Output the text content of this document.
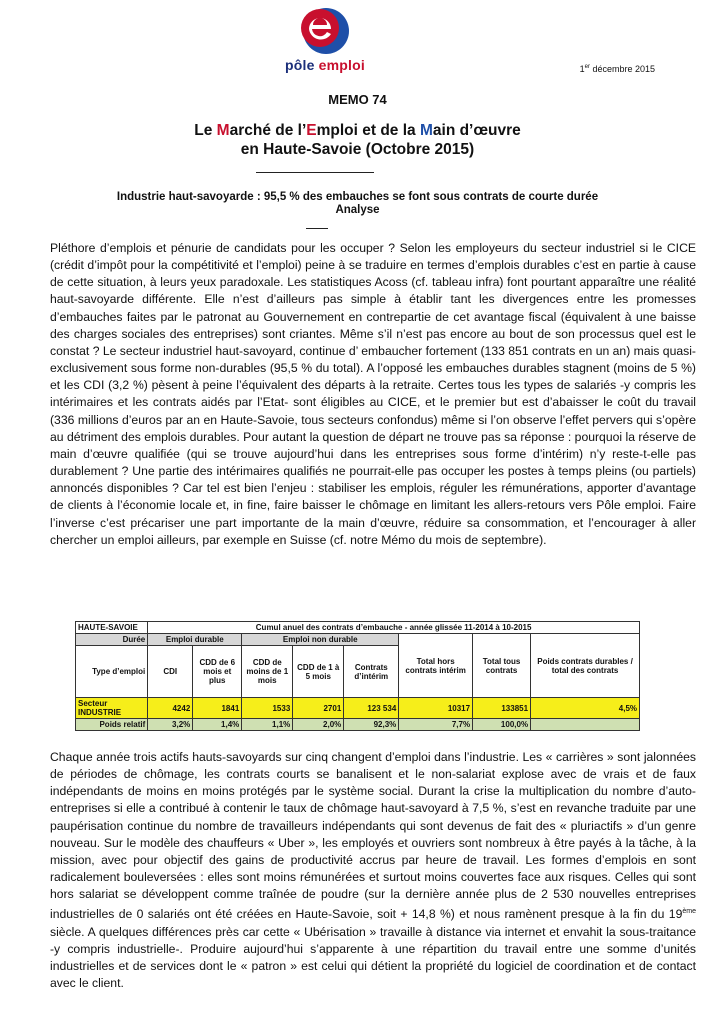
pôle emploi	1er décembre 2015
MEMO 74
Le Marché de l’Emploi et de la Main d’œuvre
en Haute-Savoie (Octobre 2015)
Industrie haut-savoyarde : 95,5 % des embauches se font sous contrats de courte durée
Analyse

Pléthore d’emplois et pénurie de candidats pour les occuper ? Selon les employeurs du secteur industriel si le CICE (crédit d’impôt pour la compétitivité et l’emploi) peine à se traduire en termes d’emplois durables c’est en partie à cause de cette situation, à leurs yeux paradoxale. Les statistiques Acoss (cf. tableau infra) font pourtant apparaître une réalité haut-savoyarde différente. Elle n’est d’ailleurs pas simple à établir tant les divergences entre les promesses d’embauches faites par le patronat au Gouvernement en contrepartie de cet avantage fiscal (équivalent à une baisse des charges sociales des entreprises) sont criantes. Même s’il n’est pas encore au bout de son processus quel est le constat ? Le secteur industriel haut-savoyard, continue d’ embaucher fortement (133 851 contrats en un an) mais quasi-exclusivement sous forme non-durables (95,5 % du total). A l’opposé les embauches durables stagnent (moins de 5 %) et les CDI (3,2 %) pèsent à peine l’équivalent des départs à la retraite. Certes tous les types de salariés -y compris les intérimaires et les contrats aidés par l’Etat- sont éligibles au CICE, et le premier but est d’abaisser le coût du travail (336 millions d’euros par an en Haute-Savoie, tous secteurs confondus) même si l’on observe l’effet pervers qui s’opère au détriment des emplois durables. Pour autant la question de départ ne trouve pas sa réponse : pourquoi la réserve de main d’œuvre qualifiée (qui se trouve aujourd’hui dans les entreprises sous forme d’intérim) n’y reste-t-elle pas durablement ? Une partie des intérimaires qualifiés ne pourrait-elle pas occuper les postes à temps pleins (ou partiels) annoncés disponibles ? Car tel est bien l’enjeu : stabiliser les emplois, réguler les rémunérations, apporter d’avantage de clients à l’économie locale et, in fine, faire baisser le chômage en limitant les allers-retours vers Pôle emploi. Faire l’inverse c’est précariser une part importante de la main d’œuvre, réduire sa consommation, et l’encourager à aller chercher un emploi ailleurs, par exemple en Suisse (cf. notre Mémo du mois de septembre).

HAUTE-SAVOIE	Cumul anuel des contrats d’embauche - année glissée 11-2014 à 10-2015							
Durée	Emploi durable		Emploi non durable			Total hors contrats intérim	Total tous contrats	Poids contrats durables / total des contrats
Type d’emploi	CDI	CDD de 6 mois et plus	CDD de moins de 1 mois	CDD de 1 à 5 mois	Contrats d’intérim			
Secteur INDUSTRIE	4242	1841	1533	2701	123 534	10317	133851	4,5%
Poids relatif	3,2%	1,4%	1,1%	2,0%	92,3%	7,7%	100,0%	

Chaque année trois actifs hauts-savoyards sur cinq changent d’emploi dans l’industrie. Les « carrières » sont jalonnées de périodes de chômage, les contrats courts se banalisent et le non-salariat explose avec de vrais et de faux indépendants de moins en moins protégés par le système social. Durant la crise la multiplication du nombre d’auto-entreprises si elle a contribué à contenir le taux de chômage haut-savoyard à 7,5 %, s’est en revanche traduite par une paupérisation continue du nombre de travailleurs indépendants qui sont devenus de fait des « pluriactifs » d’un genre nouveau. Sur le modèle des chauffeurs « Uber », les employés et ouvriers sont nombreux à être payés à la tâche, à la mission, avec pour objectif des gains de productivité accrus par heure de travail. Les formes d’emplois en sont radicalement bouleversées : elles sont moins rémunérées et surtout moins couvertes face aux risques. Celles qui sont hors salariat se développent comme traînée de poudre (sur la dernière année plus de 2 530 nouvelles entreprises industrielles de 0 salariés ont été créées en Haute-Savoie, soit + 14,8 %) et nous ramènent presque à la fin du 19ème siècle. A quelques différences près car cette « Ubérisation » travaille à distance via internet et envahit la sous-traitance -y compris industrielle-. Produire aujourd’hui s’apparente à une répartition du travail entre une somme d’unités industrielles et de services dont le « patron » est celui qui détient la propriété du logiciel de coordination et de contact avec le client.
